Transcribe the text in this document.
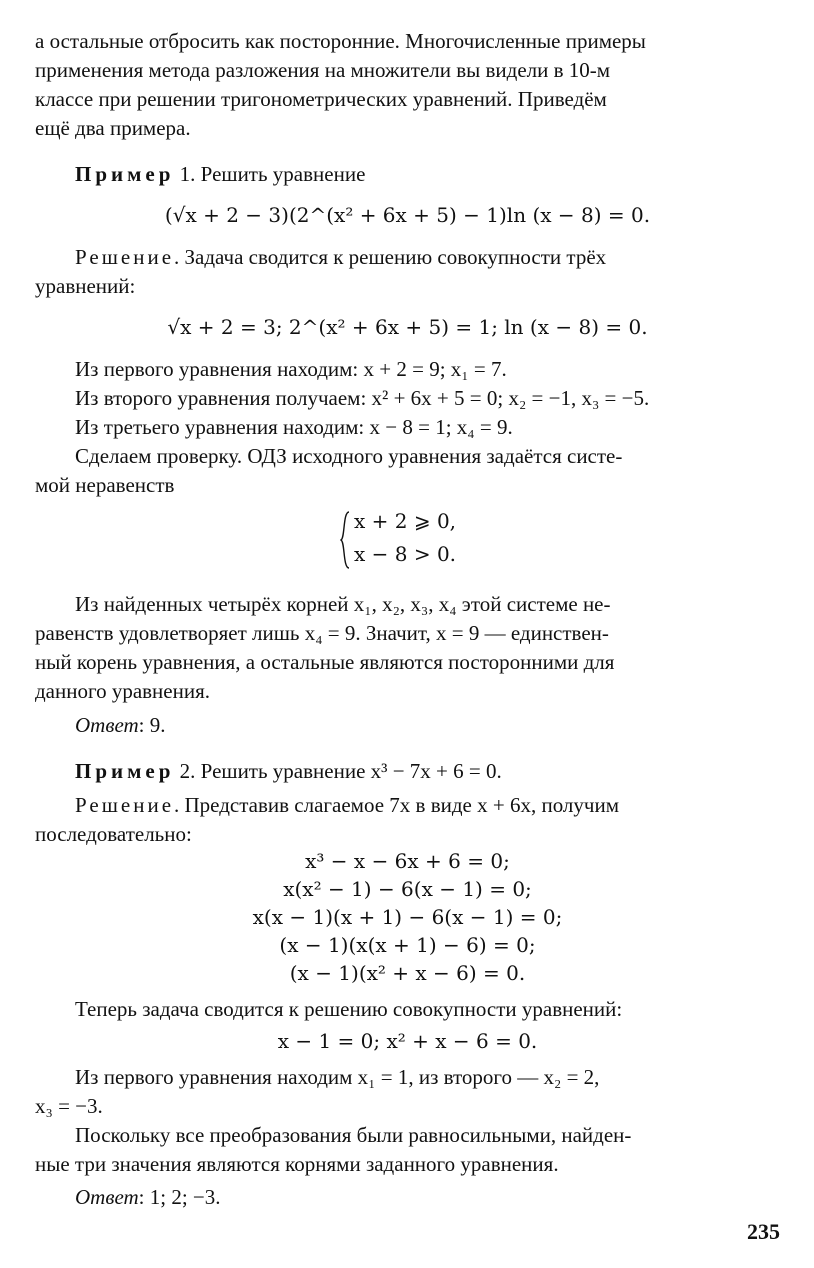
а остальные отбросить как посторонние. Многочисленные примеры
применения метода разложения на множители вы видели в 10-м
классе при решении тригонометрических уравнений. Приведём
ещё два примера.
Пример 1. Решить уравнение
(√x + 2 − 3)(2^(x² + 6x + 5) − 1)ln (x − 8) = 0.
Решение. Задача сводится к решению совокупности трёх
уравнений:
√x + 2 = 3; 2^(x² + 6x + 5) = 1; ln (x − 8) = 0.
Из первого уравнения находим: x + 2 = 9; x₁ = 7.
Из второго уравнения получаем: x² + 6x + 5 = 0; x₂ = −1, x₃ = −5.
Из третьего уравнения находим: x − 8 = 1; x₄ = 9.
Сделаем проверку. ОДЗ исходного уравнения задаётся систе-
мой неравенств
x + 2 ⩾ 0,
x − 8 > 0.
Из найденных четырёх корней x₁, x₂, x₃, x₄ этой системе не-
равенств удовлетворяет лишь x₄ = 9. Значит, x = 9 — единствен-
ный корень уравнения, а остальные являются посторонними для
данного уравнения.
Ответ: 9.
Пример 2. Решить уравнение x³ − 7x + 6 = 0.
Решение. Представив слагаемое 7x в виде x + 6x, получим
последовательно:
x³ − x − 6x + 6 = 0;
x(x² − 1) − 6(x − 1) = 0;
x(x − 1)(x + 1) − 6(x − 1) = 0;
(x − 1)(x(x + 1) − 6) = 0;
(x − 1)(x² + x − 6) = 0.
Теперь задача сводится к решению совокупности уравнений:
x − 1 = 0; x² + x − 6 = 0.
Из первого уравнения находим x₁ = 1, из второго — x₂ = 2,
x₃ = −3.
Поскольку все преобразования были равносильными, найден-
ные три значения являются корнями заданного уравнения.
Ответ: 1; 2; −3.
235
